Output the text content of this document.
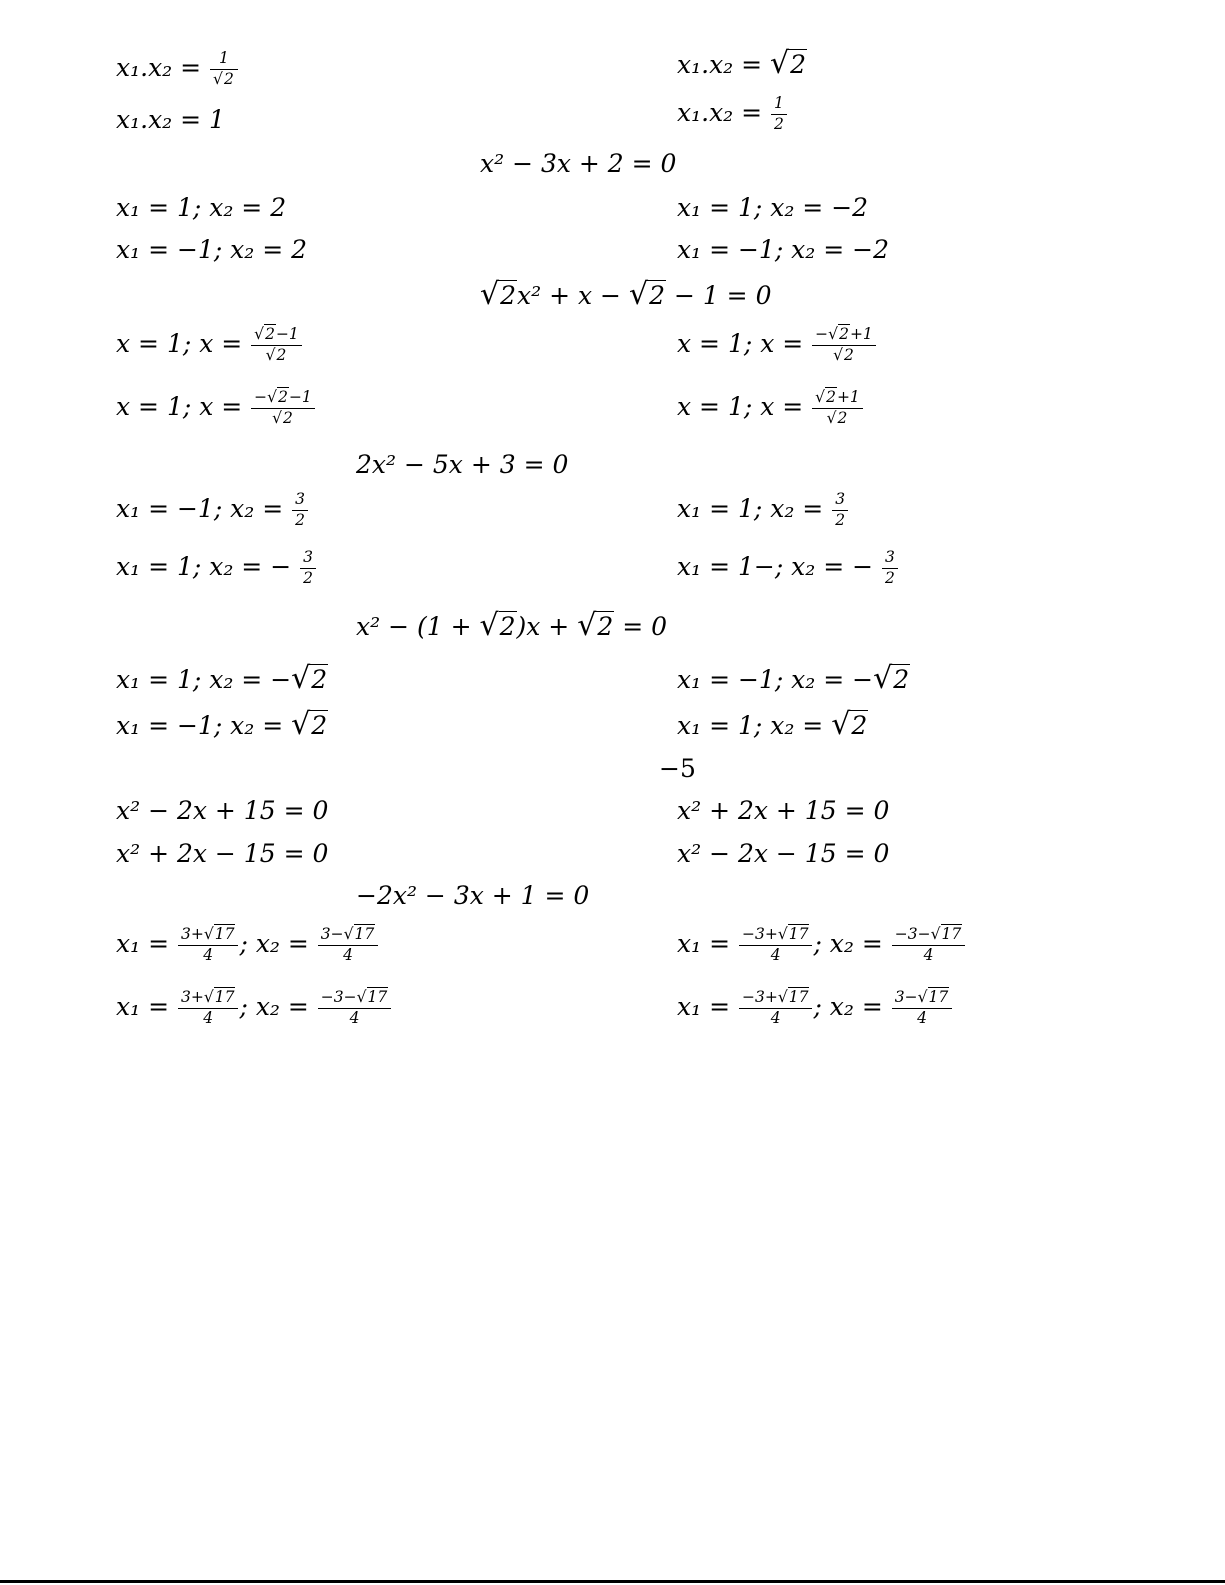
$x_1.x_2 = \frac{1}{√2}$	x₁.x₂ = √2
x₁.x₂ = 1	$x_1.x_2 = \frac{1}{2}$
x² − 3x + 2 = 0
x₁ = 1; x₂ = 2	x₁ = 1; x₂ = −2
x₁ = −1; x₂ = 2	x₁ = −1; x₂ = −2
√2x² + x − √2 − 1 = 0
x = 1; $x = \frac{√2-1}{√2}$	x = 1; $x = \frac{-√2+1}{√2}$
x = 1; $x = \frac{-√2-1}{√2}$	x = 1; $x = \frac{√2+1}{√2}$
2x² − 5x + 3 = 0
x₁ = −1; $x_2 = \frac{3}{2}$	x₁ = 1; $x_2 = \frac{3}{2}$
x₁ = 1; x₂ = − $\frac{3}{2}$	x₁ = 1−; x₂ = − $\frac{3}{2}$
x² − (1 + √2)x + √2 = 0
x₁ = 1; x₂ = −√2	x₁ = −1; x₂ = −√2
x₁ = −1; x₂ = √2	x₁ = 1; x₂ = √2
−5
x² − 2x + 15 = 0	x² + 2x + 15 = 0
x² + 2x − 15 = 0	x² − 2x − 15 = 0
−2x² − 3x + 1 = 0
$x_1 = \frac{3+√17}{4}$ ; $x_2 = \frac{3-√17}{4}$	$x_1 = \frac{-3+√17}{4}$ ; $x_2 = \frac{-3-√17}{4}$
$x_1 = \frac{3+√17}{4}$ ; $x_2 = \frac{-3-√17}{4}$	$x_1 = \frac{-3+√17}{4}$ ; $x_2 = \frac{3-√17}{4}$
